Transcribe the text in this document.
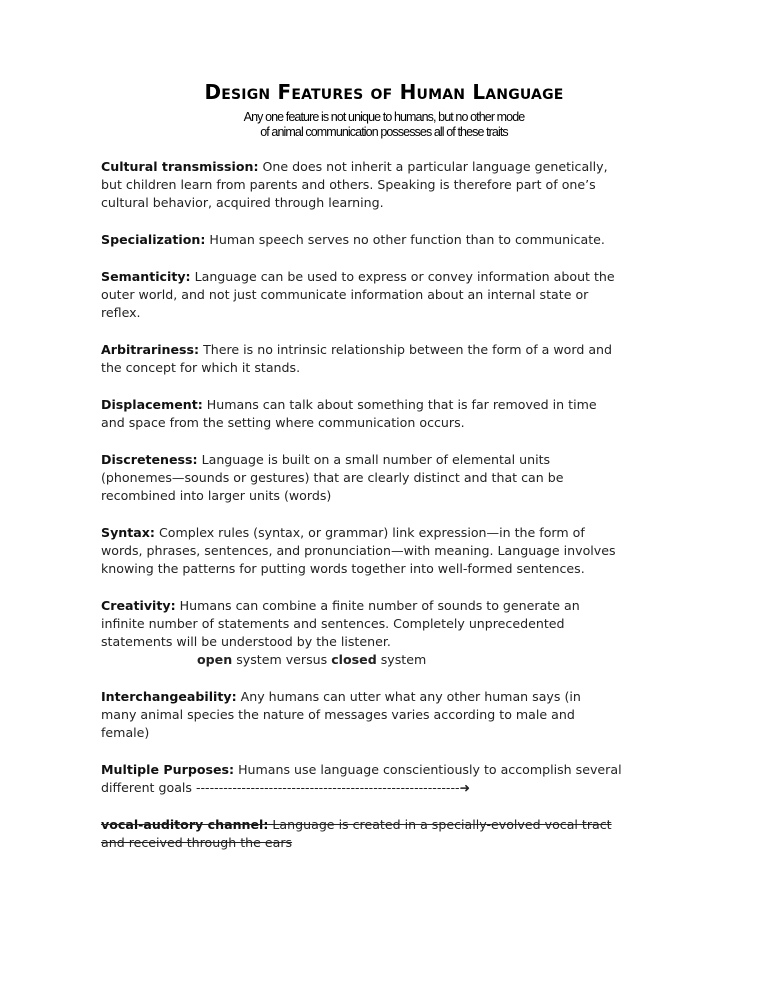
Design Features of Human Language
Any one feature is not unique to humans, but no other mode
of animal communication possesses all of these traits
Cultural transmission: One does not inherit a particular language genetically,
but children learn from parents and others. Speaking is therefore part of one’s
cultural behavior, acquired through learning.
Specialization: Human speech serves no other function than to communicate.
Semanticity: Language can be used to express or convey information about the
outer world, and not just communicate information about an internal state or
reflex.
Arbitrariness: There is no intrinsic relationship between the form of a word and
the concept for which it stands.
Displacement: Humans can talk about something that is far removed in time
and space from the setting where communication occurs.
Discreteness: Language is built on a small number of elemental units
(phonemes—sounds or gestures) that are clearly distinct and that can be
recombined into larger units (words)
Syntax: Complex rules (syntax, or grammar) link expression—in the form of
words, phrases, sentences, and pronunciation—with meaning. Language involves
knowing the patterns for putting words together into well-formed sentences.
Creativity: Humans can combine a finite number of sounds to generate an
infinite number of statements and sentences. Completely unprecedented
statements will be understood by the listener.
open system versus closed system
Interchangeability: Any humans can utter what any other human says (in
many animal species the nature of messages varies according to male and
female)
Multiple Purposes: Humans use language conscientiously to accomplish several
different goals ----------------------------------------------------------➜
vocal-auditory channel: Language is created in a specially-evolved vocal tract
and received through the ears
